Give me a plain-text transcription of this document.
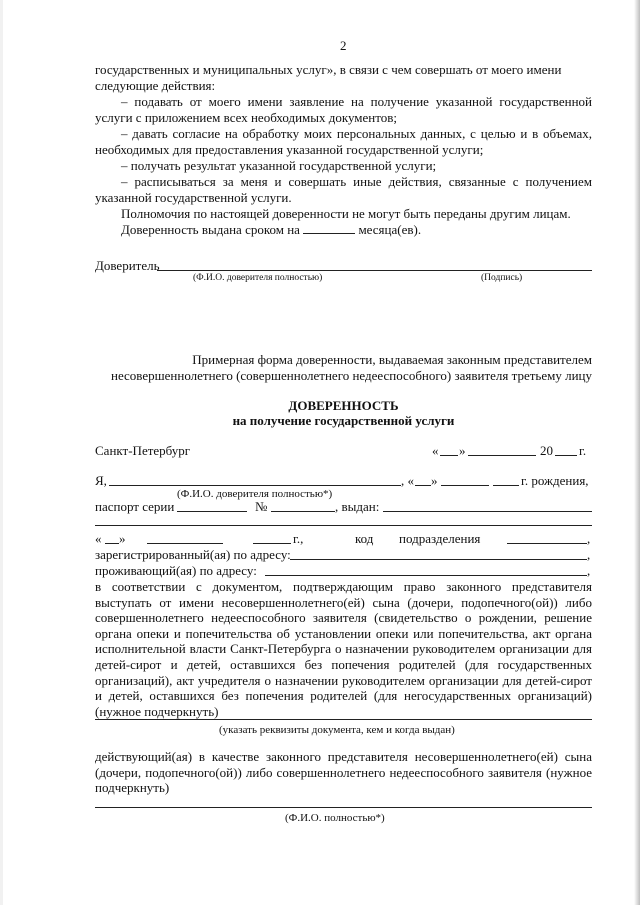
2
государственных и муниципальных услуг», в связи с чем совершать от моего имени
следующие действия:
– подавать от моего имени заявление на получение указанной государственной услуги с приложением всех необходимых документов;
– давать согласие на обработку моих персональных данных, с целью и в объемах, необходимых для предоставления указанной государственной услуги;
– получать результат указанной государственной услуги;
– расписываться за меня и совершать иные действия, связанные с получением указанной государственной услуги.
Полномочия по настоящей доверенности не могут быть переданы другим лицам.
Доверенность выдана сроком на	месяца(ев).
Доверитель
(Ф.И.О. доверителя полностью)	(Подпись)
Примерная форма доверенности, выдаваемая законным представителем
несовершеннолетнего (совершеннолетнего недееспособного) заявителя третьему лицу
ДОВЕРЕННОСТЬ
на получение государственной услуги
Санкт-Петербург	« »	20 г.
Я,	, « »	г. рождения,
(Ф.И.О. доверителя полностью*)
паспорт серии	№	, выдан:
« »	г.,	код подразделения	,
зарегистрированный(ая) по адресу:	,
проживающий(ая) по адресу:	,
в соответствии с документом, подтверждающим право законного представителя выступать от имени несовершеннолетнего(ей) сына (дочери, подопечного(ой)) либо совершеннолетнего недееспособного заявителя (свидетельство о рождении, решение органа опеки и попечительства об установлении опеки или попечительства, акт органа исполнительной власти Санкт-Петербурга о назначении руководителем организации для детей-сирот и детей, оставшихся без попечения родителей (для государственных организаций), акт учредителя о назначении руководителем организации для детей-сирот и детей, оставшихся без попечения родителей (для негосударственных организаций) (нужное подчеркнуть)
(указать реквизиты документа, кем и когда выдан)
действующий(ая) в качестве законного представителя несовершеннолетнего(ей) сына (дочери, подопечного(ой)) либо совершеннолетнего недееспособного заявителя (нужное подчеркнуть)
(Ф.И.О. полностью*)
